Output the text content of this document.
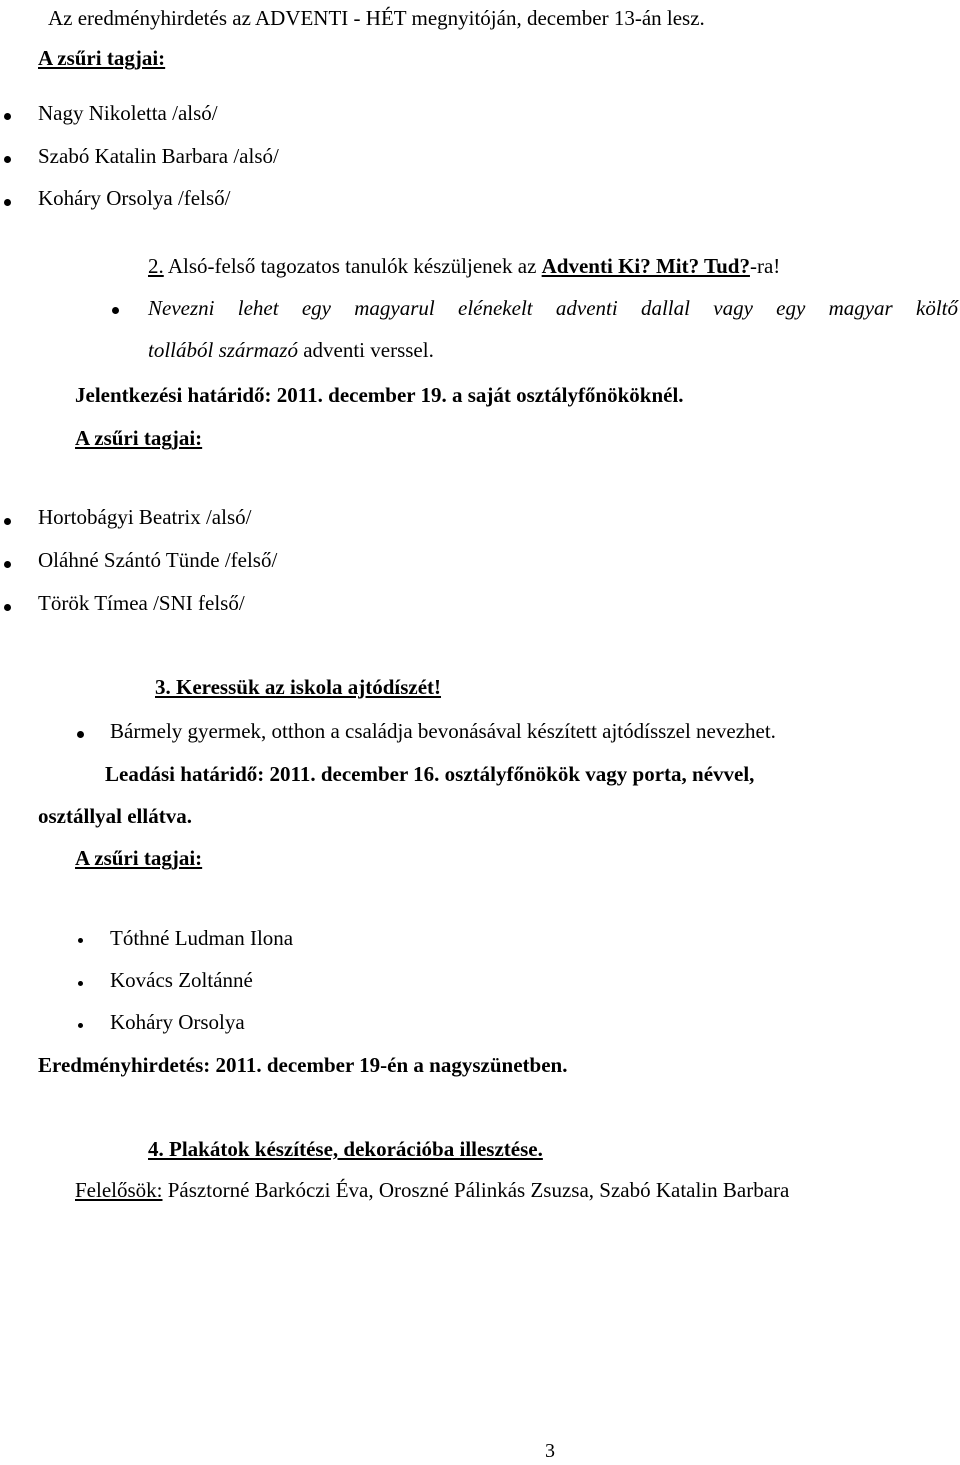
Az eredményhirdetés az ADVENTI - HÉT megnyitóján, december 13-án lesz.
A zsűri tagjai:
Nagy Nikoletta /alsó/
Szabó Katalin Barbara /alsó/
Koháry Orsolya /felső/
2. Alsó-felső tagozatos tanulók készüljenek az Adventi Ki? Mit? Tud?-ra!
Nevezni lehet egy magyarul elénekelt adventi dallal vagy egy magyar költő
tollából származó adventi verssel.
Jelentkezési határidő: 2011. december 19. a saját osztályfőnököknél.
A zsűri tagjai:
Hortobágyi Beatrix /alsó/
Oláhné Szántó Tünde /felső/
Török Tímea /SNI felső/
3. Keressük az iskola ajtódíszét!
Bármely gyermek, otthon a családja bevonásával készített ajtódísszel nevezhet.
Leadási határidő: 2011. december 16. osztályfőnökök vagy porta, névvel,
osztállyal ellátva.
A zsűri tagjai:
Tóthné Ludman Ilona
Kovács Zoltánné
Koháry Orsolya
Eredményhirdetés: 2011. december 19-én a nagyszünetben.
4. Plakátok készítése, dekorációba illesztése.
Felelősök: Pásztorné Barkóczi Éva, Oroszné Pálinkás Zsuzsa, Szabó Katalin Barbara
3
